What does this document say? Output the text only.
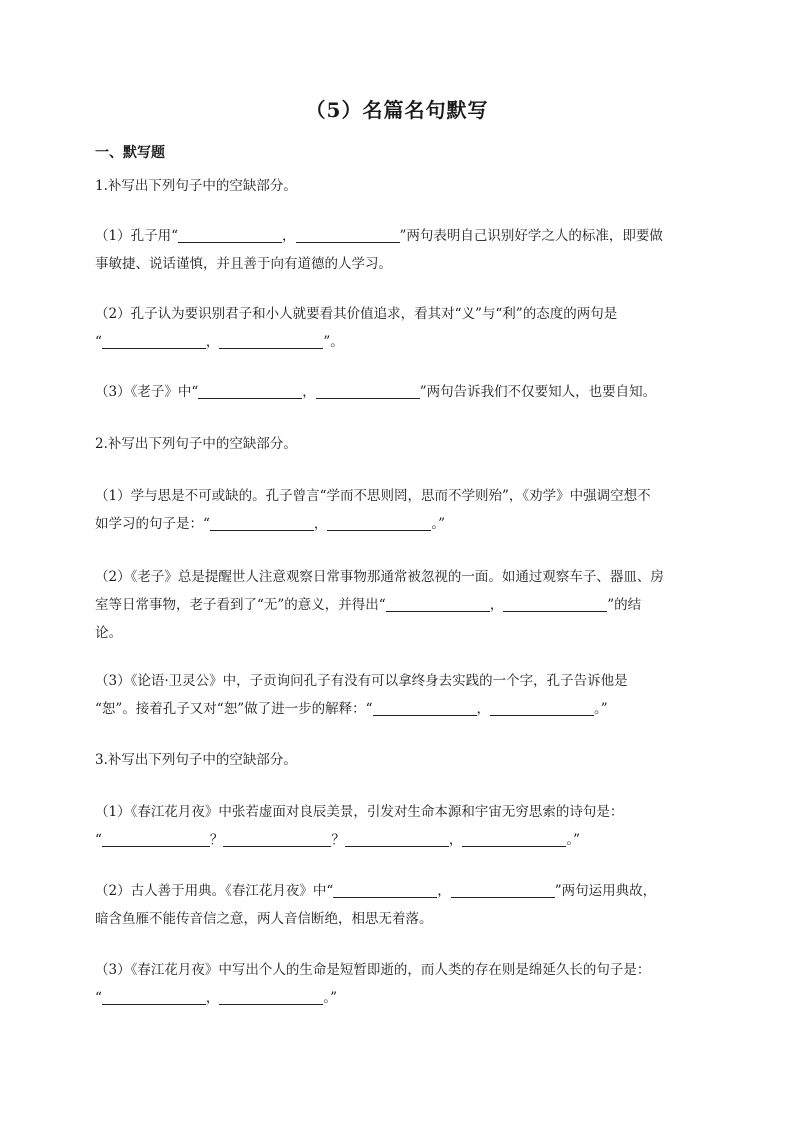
（5）名篇名句默写
一、默写题
1.补写出下列句子中的空缺部分。
（1）孔子用“	，	”两句表明自己识别好学之人的标准，即要做
事敏捷、说话谨慎，并且善于向有道德的人学习。
（2）孔子认为要识别君子和小人就要看其价值追求，看其对“义”与“利”的态度的两句是
“	，	”。
（3）《老子》中“	，	”两句告诉我们不仅要知人，也要自知。
2.补写出下列句子中的空缺部分。
（1）学与思是不可或缺的。孔子曾言“学而不思则罔，思而不学则殆”，《劝学》中强调空想不
如学习的句子是：“	，	。”
（2）《老子》总是提醒世人注意观察日常事物那通常被忽视的一面。如通过观察车子、器皿、房
室等日常事物，老子看到了“无”的意义，并得出“	，	”的结
论。
（3）《论语·卫灵公》中，子贡询问孔子有没有可以拿终身去实践的一个字，孔子告诉他是
“恕”。接着孔子又对“恕”做了进一步的解释：“	，	。”
3.补写出下列句子中的空缺部分。
（1）《春江花月夜》中张若虚面对良辰美景，引发对生命本源和宇宙无穷思索的诗句是：
“	？	？	，	。”
（2）古人善于用典。《春江花月夜》中“	，	”两句运用典故，
暗含鱼雁不能传音信之意，两人音信断绝，相思无着落。
（3）《春江花月夜》中写出个人的生命是短暂即逝的，而人类的存在则是绵延久长的句子是：
“	，	。”
